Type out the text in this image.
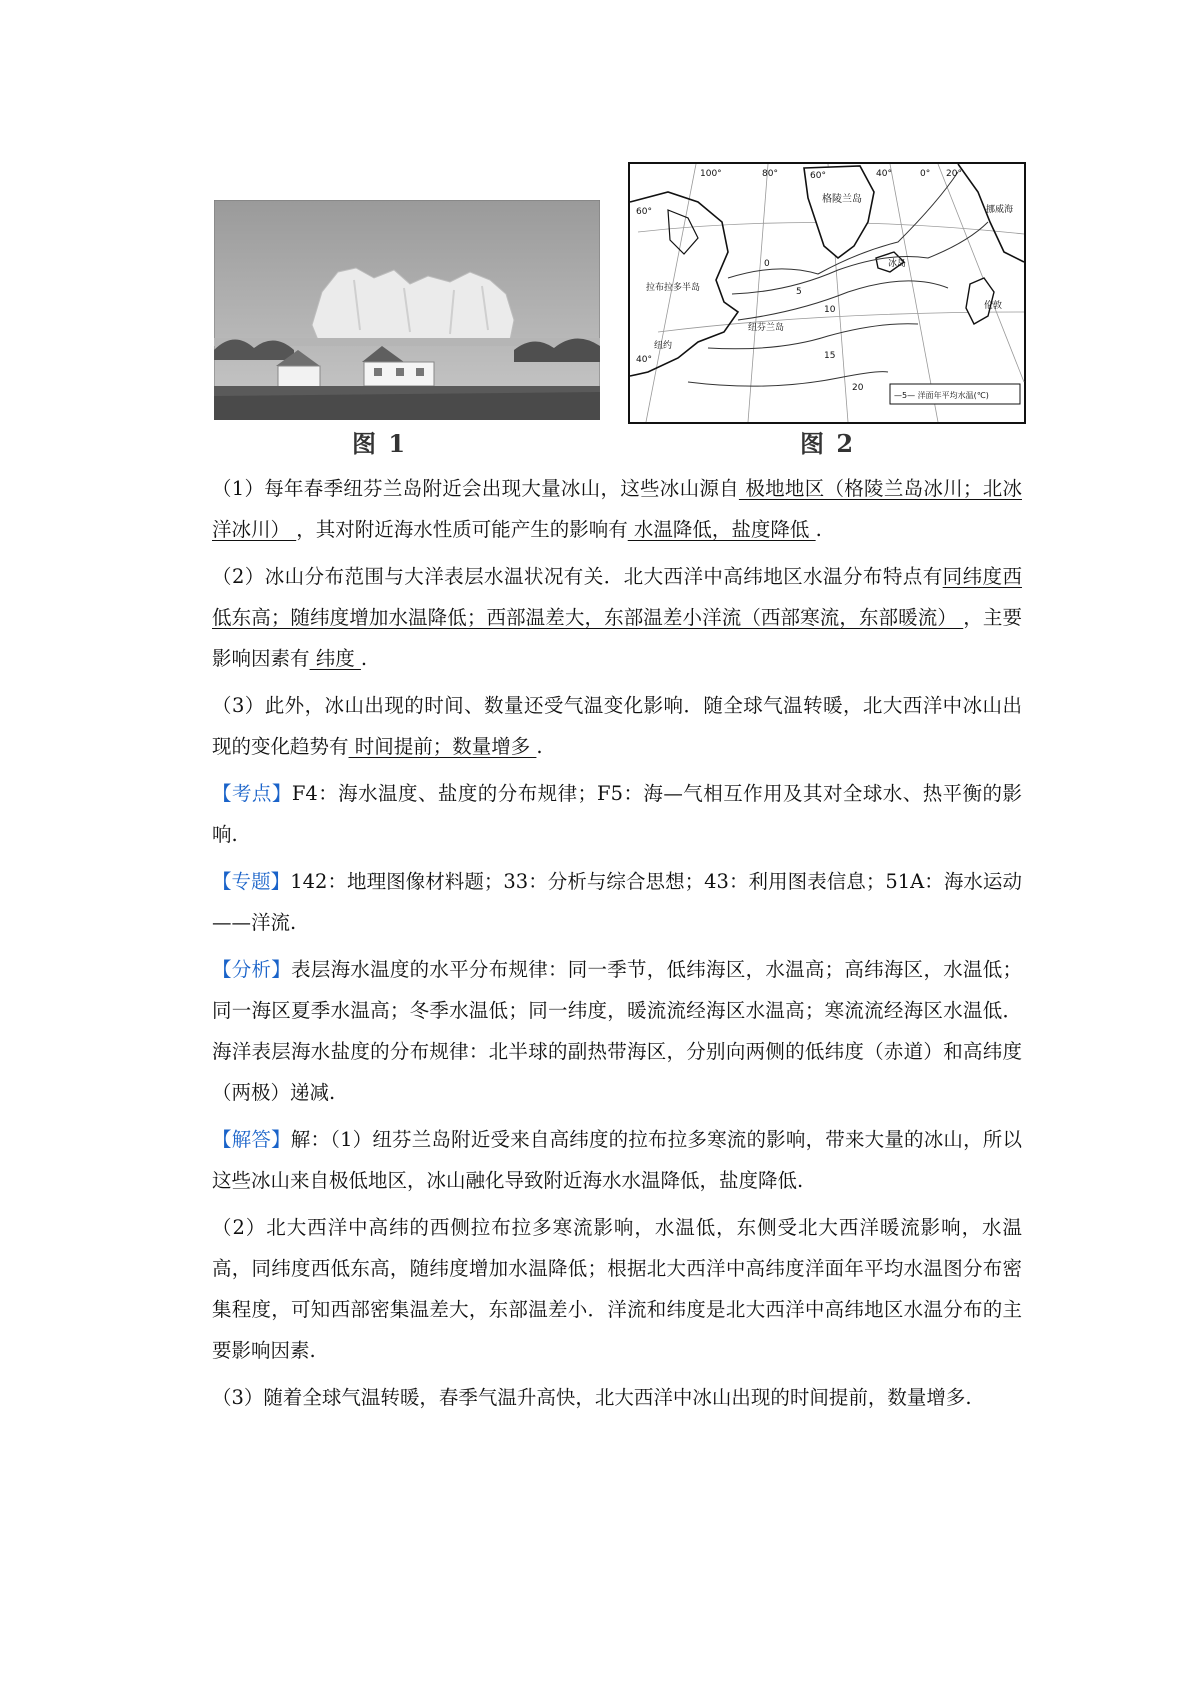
图 1
100°	80°	60°	40°	0° 20°
60°
40°
格陵兰岛
挪威海
冰岛
拉布拉多半岛
纽芬兰岛
纽约
伦敦
0
5
10
15
20
—5— 洋面年平均水温(℃)
图 2

（1）每年春季纽芬兰岛附近会出现大量冰山，这些冰山源自 极地地区（格陵兰岛冰川；北冰洋冰川） ，其对附近海水性质可能产生的影响有 水温降低，盐度降低 .

（2）冰山分布范围与大洋表层水温状况有关．北大西洋中高纬地区水温分布特点有同纬度西低东高；随纬度增加水温降低；西部温差大，东部温差小洋流（西部寒流，东部暖流） ，主要影响因素有 纬度 .

（3）此外，冰山出现的时间、数量还受气温变化影响．随全球气温转暖，北大西洋中冰山出现的变化趋势有 时间提前；数量增多 .

【考点】F4：海水温度、盐度的分布规律；F5：海—气相互作用及其对全球水、热平衡的影响.

【专题】142：地理图像材料题；33：分析与综合思想；43：利用图表信息；51A：海水运动——洋流.

【分析】表层海水温度的水平分布规律：同一季节，低纬海区，水温高；高纬海区，水温低；同一海区夏季水温高；冬季水温低；同一纬度，暖流流经海区水温高；寒流流经海区水温低．海洋表层海水盐度的分布规律：北半球的副热带海区，分别向两侧的低纬度（赤道）和高纬度 （两极）递减.

【解答】解：（1）纽芬兰岛附近受来自高纬度的拉布拉多寒流的影响，带来大量的冰山，所以这些冰山来自极低地区，冰山融化导致附近海水水温降低，盐度降低.

（2）北大西洋中高纬的西侧拉布拉多寒流影响，水温低，东侧受北大西洋暖流影响，水温高，同纬度西低东高，随纬度增加水温降低；根据北大西洋中高纬度洋面年平均水温图分布密集程度，可知西部密集温差大，东部温差小．洋流和纬度是北大西洋中高纬地区水温分布的主要影响因素.

（3）随着全球气温转暖，春季气温升高快，北大西洋中冰山出现的时间提前，数量增多.
